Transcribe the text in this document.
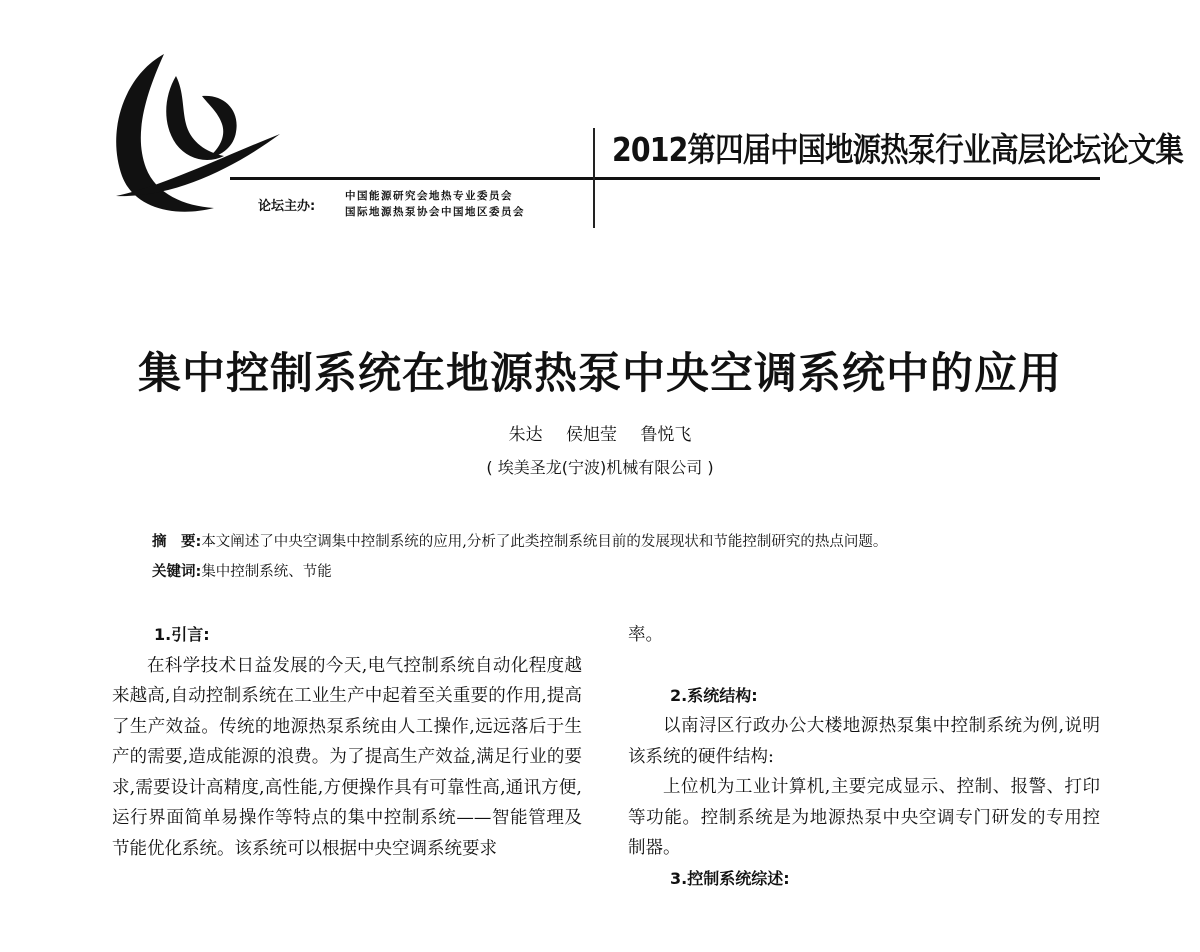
2012第四届中国地源热泵行业高层论坛论文集
论坛主办:
中国能源研究会地热专业委员会
国际地源热泵协会中国地区委员会
集中控制系统在地源热泵中央空调系统中的应用
朱达 侯旭莹 鲁悦飞
( 埃美圣龙(宁波)机械有限公司 )
摘　要:本文阐述了中央空调集中控制系统的应用,分析了此类控制系统目前的发展现状和节能控制研究的热点问题。
关键词:集中控制系统、节能
1.引言:

在科学技术日益发展的今天,电气控制系统自动化程度越来越高,自动控制系统在工业生产中起着至关重要的作用,提高了生产效益。传统的地源热泵系统由人工操作,远远落后于生产的需要,造成能源的浪费。为了提高生产效益,满足行业的要求,需要设计高精度,高性能,方便操作具有可靠性高,通讯方便,运行界面简单易操作等特点的集中控制系统——智能管理及节能优化系统。该系统可以根据中央空调系统要求

率。

2.系统结构:

以南浔区行政办公大楼地源热泵集中控制系统为例,说明该系统的硬件结构:

上位机为工业计算机,主要完成显示、控制、报警、打印等功能。控制系统是为地源热泵中央空调专门研发的专用控制器。

3.控制系统综述:
